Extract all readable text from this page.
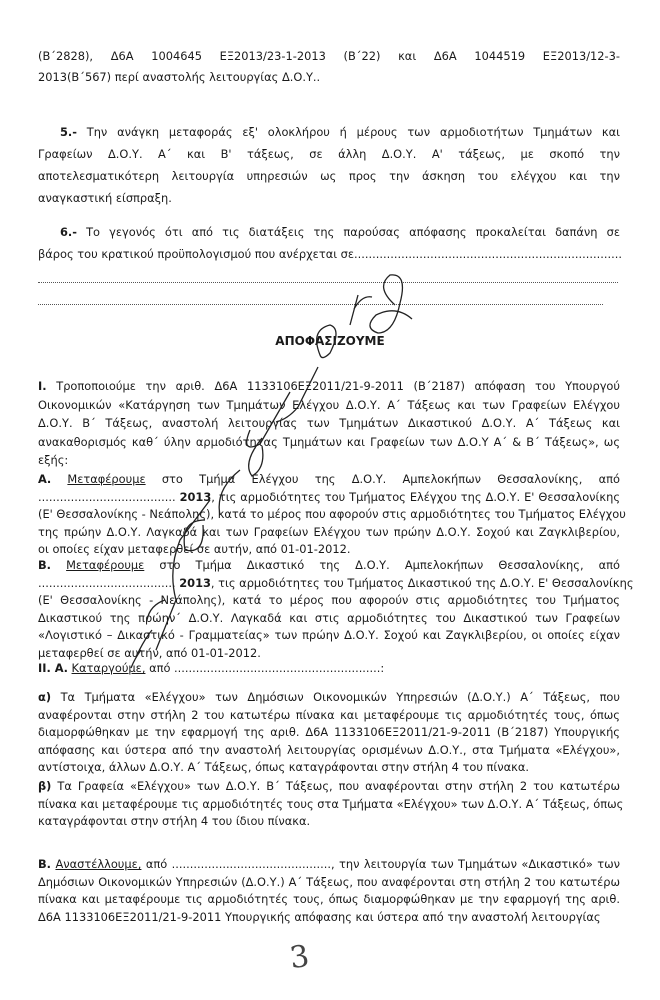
(Β΄2828), Δ6Α 1004645 ΕΞ2013/23-1-2013 (Β΄22) και Δ6Α 1044519 ΕΞ2013/12-3-
2013(Β΄567) περί αναστολής λειτουργίας Δ.Ο.Υ..
5.- Την ανάγκη μεταφοράς εξ' ολοκλήρου ή μέρους των αρμοδιοτήτων Τμημάτων και
Γραφείων Δ.Ο.Υ. Α΄ και Β' τάξεως, σε άλλη Δ.Ο.Υ. Α' τάξεως, με σκοπό την
αποτελεσματικότερη λειτουργία υπηρεσιών ως προς την άσκηση του ελέγχου και την
αναγκαστική είσπραξη.
6.- Το γεγονός ότι από τις διατάξεις της παρούσας απόφασης προκαλείται δαπάνη σε
βάρος του κρατικού προϋπολογισμού που ανέρχεται σε..........................................................................
Ι. Τροποποιούμε την αριθ. Δ6Α 1133106ΕΞ2011/21-9-2011 (Β΄2187) απόφαση του Υπουργού
Οικονομικών «Κατάργηση των Τμημάτων Ελέγχου Δ.Ο.Υ. Α΄ Τάξεως και των Γραφείων Ελέγχου
Δ.Ο.Υ. Β΄ Τάξεως, αναστολή λειτουργίας των Τμημάτων Δικαστικού Δ.Ο.Υ. Α΄ Τάξεως και
ανακαθορισμός καθ΄ ύλην αρμοδιότητας Τμημάτων και Γραφείων των Δ.Ο.Υ Α΄ & Β΄ Τάξεως», ως
εξής:
Α. Μεταφέρουμε στο Τμήμα Ελέγχου της Δ.Ο.Υ. Αμπελοκήπων Θεσσαλονίκης, από
...................................... 2013, τις αρμοδιότητες του Τμήματος Ελέγχου της Δ.Ο.Υ. Ε' Θεσσαλονίκης
(Ε' Θεσσαλονίκης - Νεάπολης), κατά το μέρος που αφορούν στις αρμοδιότητες του Τμήματος Ελέγχου
της πρώην Δ.Ο.Υ. Λαγκαδά και των Γραφείων Ελέγχου των πρώην Δ.Ο.Υ. Σοχού και Ζαγκλιβερίου,
οι οποίες είχαν μεταφερθεί σε αυτήν, από 01-01-2012.
Β. Μεταφέρουμε στο Τμήμα Δικαστικό της Δ.Ο.Υ. Αμπελοκήπων Θεσσαλονίκης, από
...................................... 2013, τις αρμοδιότητες του Τμήματος Δικαστικού της Δ.Ο.Υ. Ε' Θεσσαλονίκης
(Ε' Θεσσαλονίκης - Νεάπολης), κατά το μέρος που αφορούν στις αρμοδιότητες του Τμήματος
Δικαστικού της πρώην΄ Δ.Ο.Υ. Λαγκαδά και στις αρμοδιότητες του Δικαστικού των Γραφείων
«Λογιστικό – Δικαστικό - Γραμματείας» των πρώην Δ.Ο.Υ. Σοχού και Ζαγκλιβερίου, οι οποίες είχαν
μεταφερθεί σε αυτήν, από 01-01-2012.
ΙΙ. Α. Καταργούμε, από .........................................................:
α) Τα Τμήματα «Ελέγχου» των Δημόσιων Οικονομικών Υπηρεσιών (Δ.Ο.Υ.) Α΄ Τάξεως, που
αναφέρονται στην στήλη 2 του κατωτέρω πίνακα και μεταφέρουμε τις αρμοδιότητές τους, όπως
διαμορφώθηκαν με την εφαρμογή της αριθ. Δ6Α 1133106ΕΞ2011/21-9-2011 (Β΄2187) Υπουργικής
απόφασης και ύστερα από την αναστολή λειτουργίας ορισμένων Δ.Ο.Υ., στα Τμήματα «Ελέγχου»,
αντίστοιχα, άλλων Δ.Ο.Υ. Α΄ Τάξεως, όπως καταγράφονται στην στήλη 4 του πίνακα.
β) Τα Γραφεία «Ελέγχου» των Δ.Ο.Υ. Β΄ Τάξεως, που αναφέρονται στην στήλη 2 του κατωτέρω
πίνακα και μεταφέρουμε τις αρμοδιότητές τους στα Τμήματα «Ελέγχου» των Δ.Ο.Υ. Α΄ Τάξεως, όπως
καταγράφονται στην στήλη 4 του ίδιου πίνακα.
Β. Αναστέλλουμε, από ............................................, την λειτουργία των Τμημάτων «Δικαστικό» των
Δημόσιων Οικονομικών Υπηρεσιών (Δ.Ο.Υ.) Α΄ Τάξεως, που αναφέρονται στη στήλη 2 του κατωτέρω
πίνακα και μεταφέρουμε τις αρμοδιότητές τους, όπως διαμορφώθηκαν με την εφαρμογή της αριθ.
Δ6Α 1133106ΕΞ2011/21-9-2011 Υπουργικής απόφασης και ύστερα από την αναστολή λειτουργίας
ΑΠΟΦΑΣΙΖΟΥΜΕ
3
